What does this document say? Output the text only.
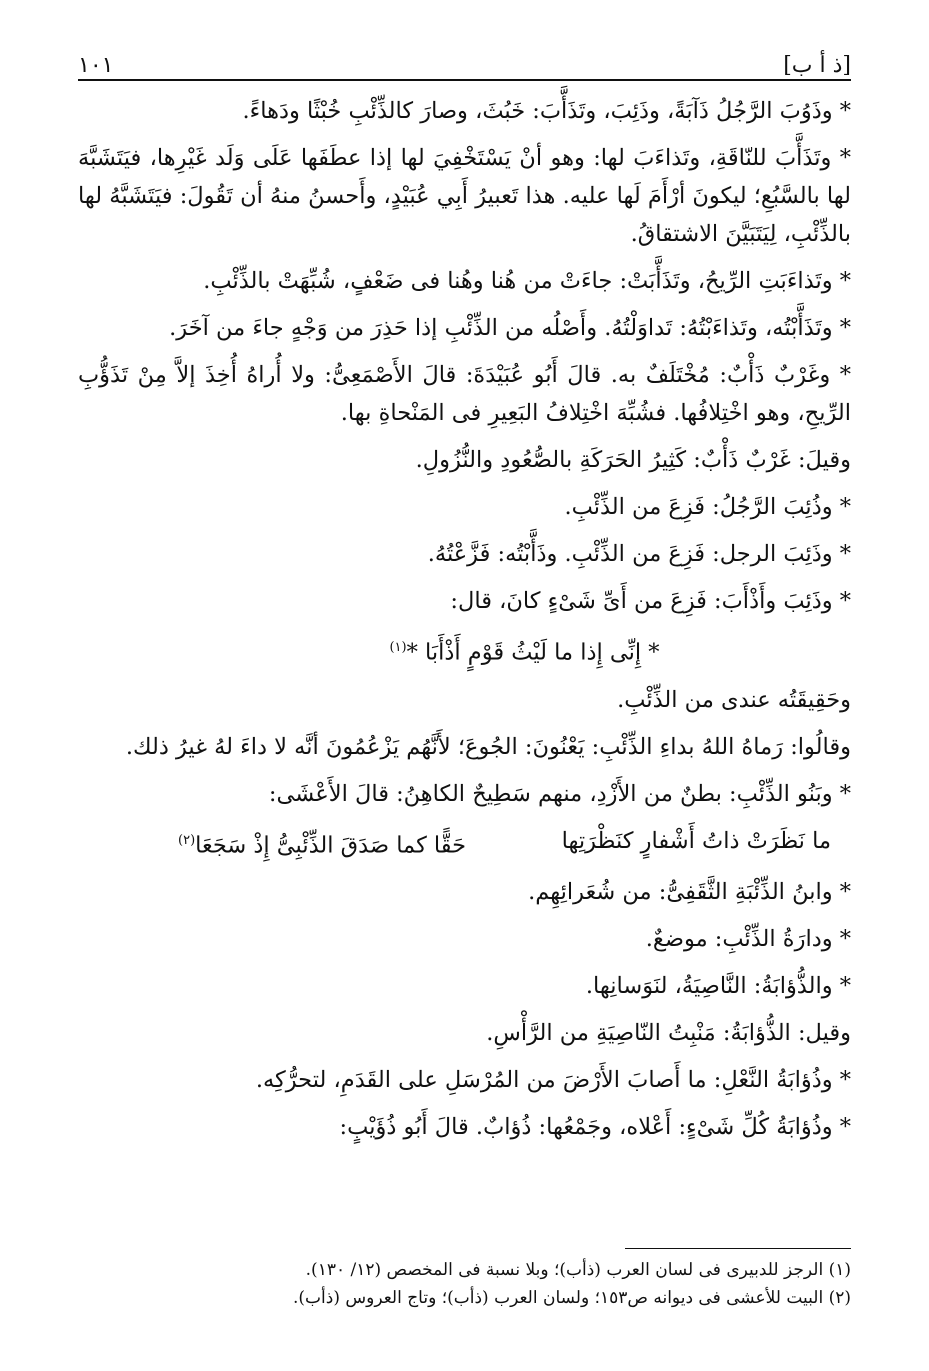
١٠١	[ذ أ ب]

* وذَوُبَ الرَّجُلُ ذَآبَةً، وذَئِبَ، وتَذَأَّبَ: خَبُثَ، وصارَ كالذِّئْبِ خُبْثًا ودَهاءً.

* وتَذَأَّبَ للنّاقَةِ، وتَذاءَبَ لها: وهو أنْ يَسْتَخْفِيَ لها إذا عطَفَها عَلَى وَلَد غَيْرِها، فيَتَشَبَّهَ لها بالسَّبُعِ؛ ليكونَ أرْأَمَ لَها عليه. هذا تَعبيرُ أَبِي عُبَيْدٍ، وأَحسنُ منهُ أن تَقُولَ: فيَتَشَبَّهُ لها بالذِّئْبِ، لِيَتَبَيَّنَ الاشتقاقُ.

* وتَذاءَبَتِ الرِّيحُ، وتَذَأَّبَتْ: جاءَتْ من هُنا وهُنا فى ضَعْفٍ، شُبِّهَتْ بالذِّئْبِ.

* وتَذَأَّبْتُه، وتَذاءَبْتُهُ: تَداوَلْتُهُ. وأَصْلُه من الذِّئْبِ إذا حَذِرَ من وَجْهٍ جاءَ من آخَرَ.

* وغَرْبٌ ذَأْبٌ: مُخْتَلَفٌ به. قالَ أَبُو عُبَيْدَةَ: قالَ الأَصْمَعِىُّ: ولا أُراهُ أُخِذَ إلاَّ مِنْ تَذَؤُّبِ الرِّيحِ، وهو اخْتِلافُها. فشُبِّهَ اخْتِلافُ البَعِيرِ فى المَنْحاةِ بها.

وقيلَ: غَرْبٌ ذَأْبٌ: كَثِيرُ الحَرَكَةِ بالصُّعُودِ والنُّزُولِ.

* وذُئِبَ الرَّجُلُ: فَزِعَ من الذِّئْبِ.

* وذَئِبَ الرجل: فَزِعَ من الذِّئْبِ. وذَأَّبْتُه: فَزَّعْتُهُ.

* وذَئِبَ وأَذْأَبَ: فَزِعَ من أَىِّ شَىْءٍ كانَ، قال:

* إِنِّى إِذا ما لَيْثُ قَوْمٍ أَذْأَبَا *$^{(١)}$

وحَقِيقَتُه عندى من الذِّئْبِ.

وقالُوا: رَماهُ اللهُ بداءِ الذِّئْبِ: يَعْنُونَ: الجُوعَ؛ لأَنَّهُم يَزْعُمُونَ أنَّه لا داءَ لهُ غيرُ ذلك.

* وبَنُو الذِّئْبِ: بطنٌ من الأَزْدِ، منهم سَطِيحٌ الكاهِنُ: قالَ الأَعْشَى:

ما نَظَرَتْ ذاتُ أَشْفارٍ كنَظْرَتِها
حَقًّا كما صَدَقَ الذِّئْبِىُّ إِذْ سَجَعَا$^{(٢)}$

* وابنُ الذِّئْبَةِ الثَّقَفِىُّ: من شُعَرائِهِم.

* ودارَةُ الذِّئْبِ: موضعٌ.

* والذُّؤابَةُ: النَّاصِيَةُ، لنَوَسانِها.

وقيل: الذُّؤابَةُ: مَنْبِتُ النّاصِيَةِ من الرَّأْسِ.

* وذُؤابَةُ النَّعْلِ: ما أَصابَ الأَرْضَ من المُرْسَلِ على القَدَمِ، لتحرُّكِه.

* وذُؤابَةُ كُلِّ شَىْءٍ: أَعْلاه، وجَمْعُها: ذُؤابٌ. قالَ أَبُو ذُؤَيْبٍ:

(١) الرجز للدبيرى فى لسان العرب (ذأب)؛ وبلا نسبة فى المخصص (١٢/ ١٣٠).

(٢) البيت للأعشى فى ديوانه ص١٥٣؛ ولسان العرب (ذأب)؛ وتاج العروس (ذأب).
